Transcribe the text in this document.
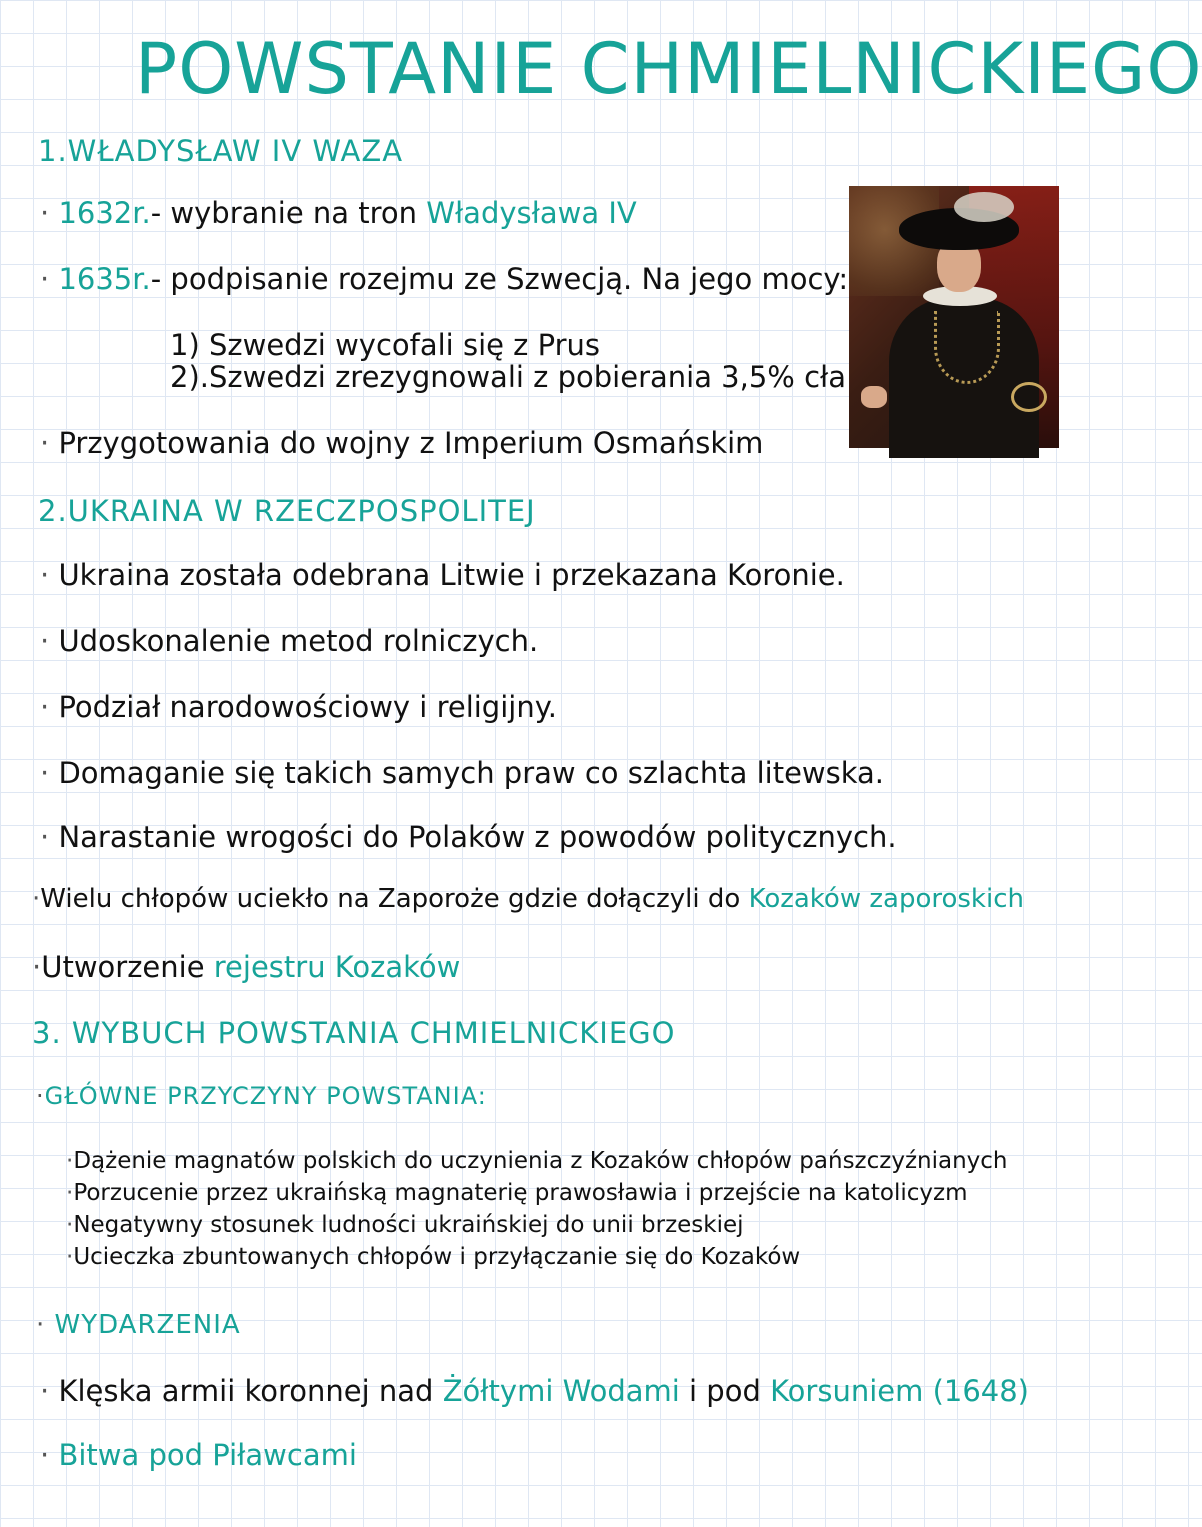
POWSTANIE CHMIELNICKIEGO
1.WŁADYSŁAW IV WAZA
· 1632r.- wybranie na tron Władysława IV
· 1635r.- podpisanie rozejmu ze Szwecją. Na jego mocy:
1) Szwedzi wycofali się z Prus
2).Szwedzi zrezygnowali z pobierania 3,5% cła
· Przygotowania do wojny z Imperium Osmańskim
2.UKRAINA W RZECZPOSPOLITEJ
· Ukraina została odebrana Litwie i przekazana Koronie.
· Udoskonalenie metod rolniczych.
· Podział narodowościowy i religijny.
· Domaganie się takich samych praw co szlachta litewska.
· Narastanie wrogości do Polaków z powodów politycznych.
·Wielu chłopów uciekło na Zaporoże gdzie dołączyli do Kozaków zaporoskich
·Utworzenie rejestru Kozaków
3. WYBUCH POWSTANIA CHMIELNICKIEGO
·GŁÓWNE PRZYCZYNY POWSTANIA:
·Dążenie magnatów polskich do uczynienia z Kozaków chłopów pańszczyźnianych
·Porzucenie przez ukraińską magnaterię prawosławia i przejście na katolicyzm
·Negatywny stosunek ludności ukraińskiej do unii brzeskiej
·Ucieczka zbuntowanych chłopów i przyłączanie się do Kozaków
· WYDARZENIA
· Klęska armii koronnej nad Żółtymi Wodami i pod Korsuniem (1648)
· Bitwa pod Piławcami
